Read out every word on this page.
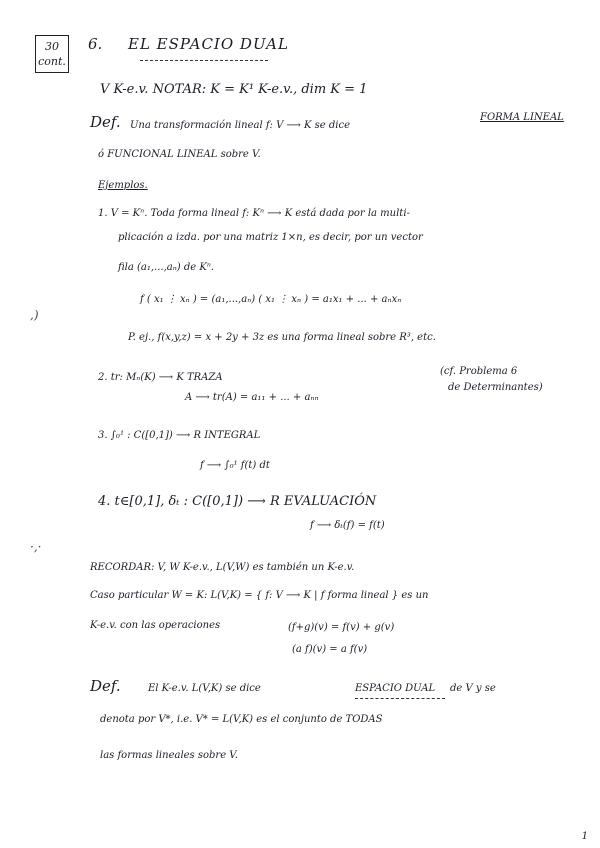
30
cont.
6. EL ESPACIO DUAL
V K-e.v. NOTAR: K = K¹ K-e.v., dim K = 1
Def. Una transformación lineal f: V ⟶ K se dice
FORMA LINEAL
ó FUNCIONAL LINEAL sobre V.
Ejemplos.
1. V = Kⁿ. Toda forma lineal f: Kⁿ ⟶ K está dada por la multi-
plicación a izda. por una matriz 1×n, es decir, por un vector
fila (a₁,...,aₙ) de Kⁿ.
f ( x₁ ⋮ xₙ ) = (a₁,...,aₙ) ( x₁ ⋮ xₙ ) = a₁x₁ + ... + aₙxₙ
P. ej., f(x,y,z) = x + 2y + 3z es una forma lineal sobre R³, etc.
2. tr: Mₙ(K) ⟶ K TRAZA
A ⟶ tr(A) = a₁₁ + ... + aₙₙ
(cf. Problema 6
de Determinantes)
3. ∫₀¹ : C([0,1]) ⟶ R INTEGRAL
f ⟶ ∫₀¹ f(t) dt
4. t∈[0,1], δₜ : C([0,1]) ⟶ R EVALUACIÓN
f ⟶ δₜ(f) = f(t)
RECORDAR: V, W K-e.v., L(V,W) es también un K-e.v.
Caso particular W = K: L(V,K) = { f: V ⟶ K | f forma lineal } es un
K-e.v. con las operaciones	(f+g)(v) = f(v) + g(v)
(a f)(v) = a f(v)
Def.	El K-e.v. L(V,K) se dice	ESPACIO DUAL de V y se
denota por V*, i.e. V* = L(V,K) es el conjunto de TODAS
las formas lineales sobre V.
,)
·,·
1
